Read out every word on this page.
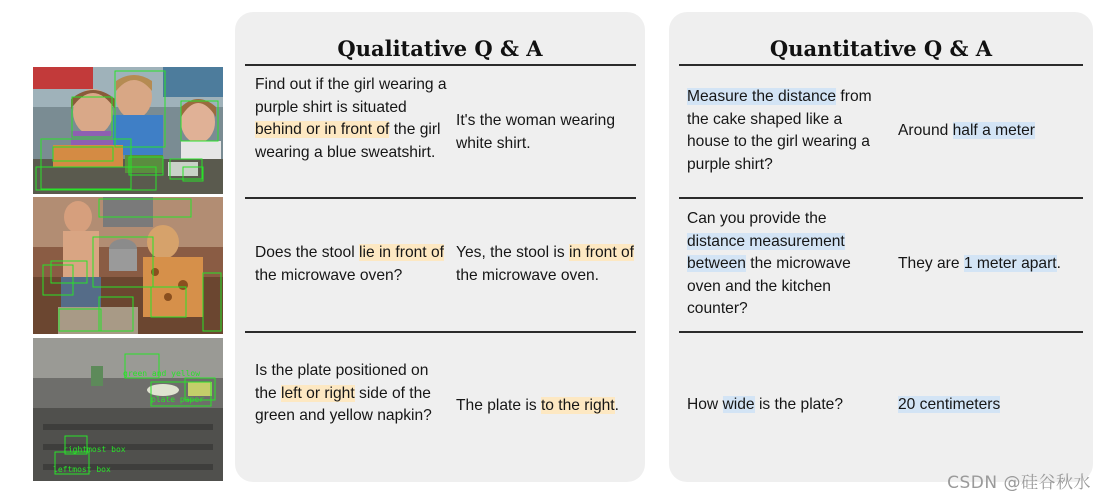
green and yellow
plate paper
rightmost box
leftmost box
Qualitative Q & A
Find out if the girl wearing a purple shirt is situated behind or in front of the girl wearing a blue sweatshirt.
It's the woman wearing white shirt.
Does the stool lie in front of the microwave oven?
Yes, the stool is in front of the microwave oven.
Is the plate positioned on the left or right side of the green and yellow napkin?
The plate is to the right.
Quantitative Q & A
Measure the distance from the cake shaped like a house to the girl wearing a purple shirt?
Around half a meter
Can you provide the distance measurement between the microwave oven and the kitchen counter?
They are 1 meter apart.
How wide is the plate?	20 centimeters
CSDN @硅谷秋水
